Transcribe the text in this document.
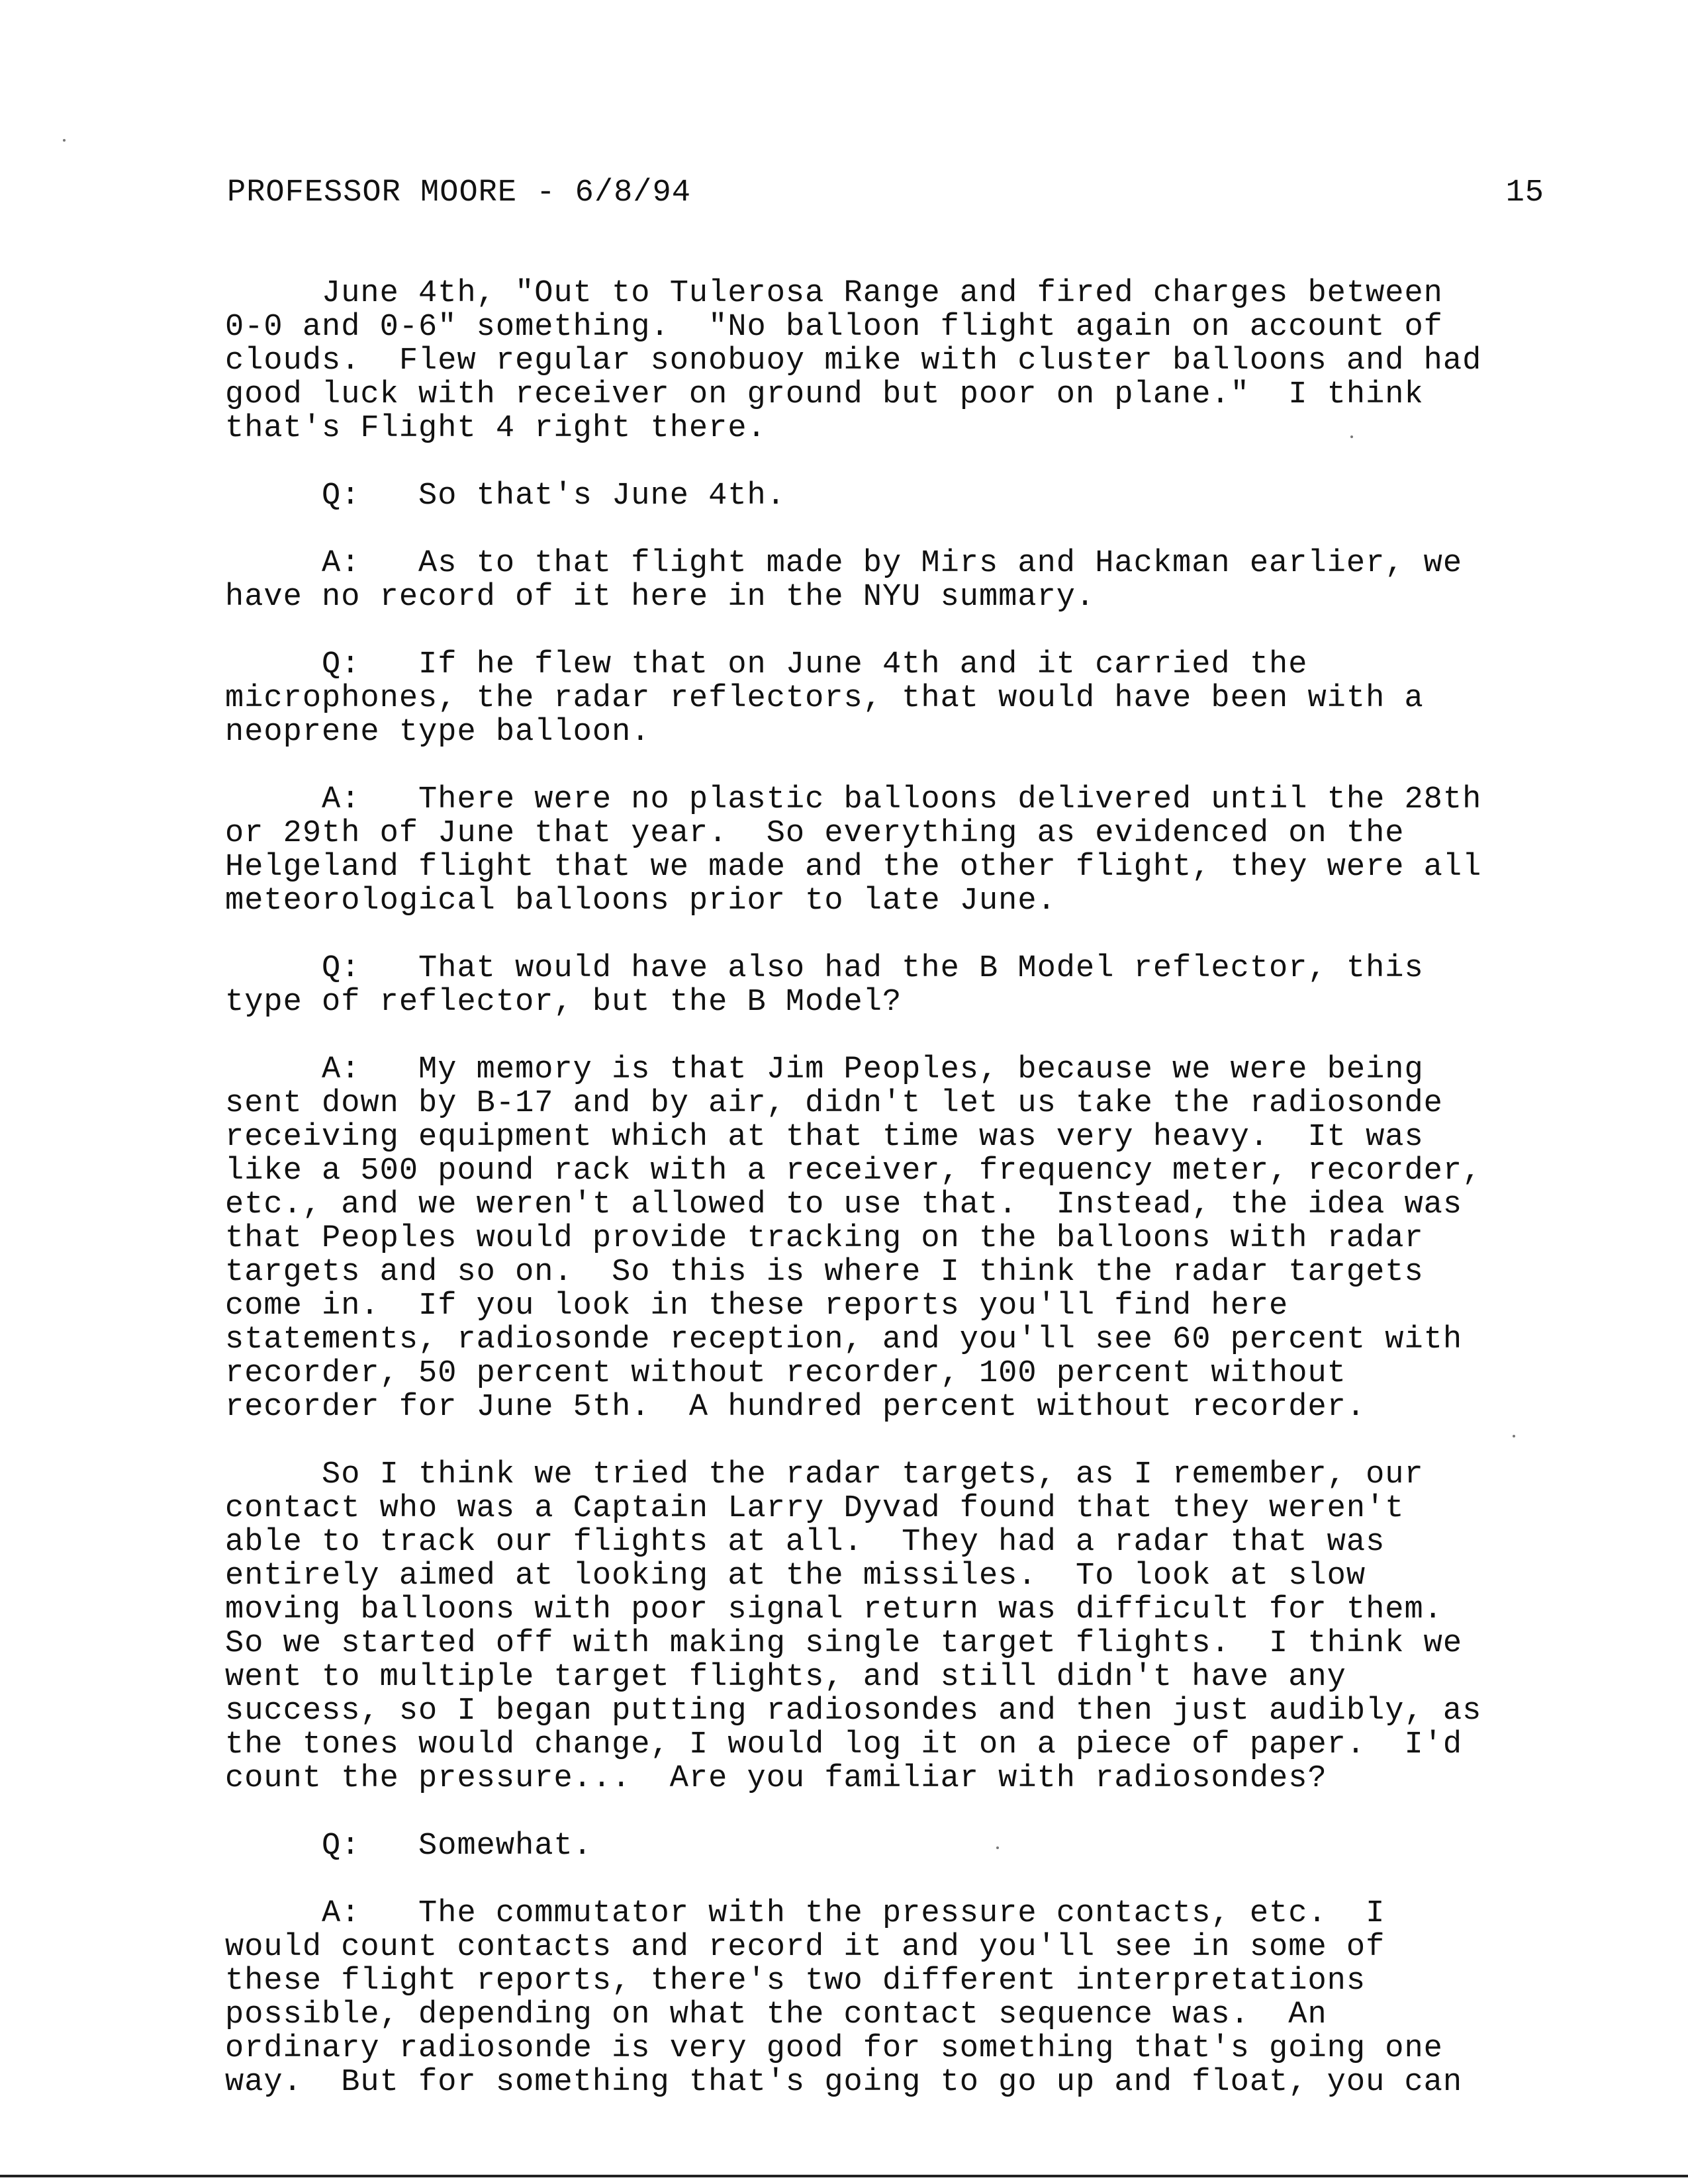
PROFESSOR MOORE - 6/8/94	15
June 4th, "Out to Tulerosa Range and fired charges between
0-0 and 0-6" something.  "No balloon flight again on account of
clouds.  Flew regular sonobuoy mike with cluster balloons and had
good luck with receiver on ground but poor on plane."  I think
that's Flight 4 right there.
Q:   So that's June 4th.
A:   As to that flight made by Mirs and Hackman earlier, we
have no record of it here in the NYU summary.
Q:   If he flew that on June 4th and it carried the
microphones, the radar reflectors, that would have been with a
neoprene type balloon.
A:   There were no plastic balloons delivered until the 28th
or 29th of June that year.  So everything as evidenced on the
Helgeland flight that we made and the other flight, they were all
meteorological balloons prior to late June.
Q:   That would have also had the B Model reflector, this
type of reflector, but the B Model?
A:   My memory is that Jim Peoples, because we were being
sent down by B-17 and by air, didn't let us take the radiosonde
receiving equipment which at that time was very heavy.  It was
like a 500 pound rack with a receiver, frequency meter, recorder,
etc., and we weren't allowed to use that.  Instead, the idea was
that Peoples would provide tracking on the balloons with radar
targets and so on.  So this is where I think the radar targets
come in.  If you look in these reports you'll find here
statements, radiosonde reception, and you'll see 60 percent with
recorder, 50 percent without recorder, 100 percent without
recorder for June 5th.  A hundred percent without recorder.
So I think we tried the radar targets, as I remember, our
contact who was a Captain Larry Dyvad found that they weren't
able to track our flights at all.  They had a radar that was
entirely aimed at looking at the missiles.  To look at slow
moving balloons with poor signal return was difficult for them.
So we started off with making single target flights.  I think we
went to multiple target flights, and still didn't have any
success, so I began putting radiosondes and then just audibly, as
the tones would change, I would log it on a piece of paper.  I'd
count the pressure...  Are you familiar with radiosondes?
Q:   Somewhat.
A:   The commutator with the pressure contacts, etc.  I
would count contacts and record it and you'll see in some of
these flight reports, there's two different interpretations
possible, depending on what the contact sequence was.  An
ordinary radiosonde is very good for something that's going one
way.  But for something that's going to go up and float, you can
